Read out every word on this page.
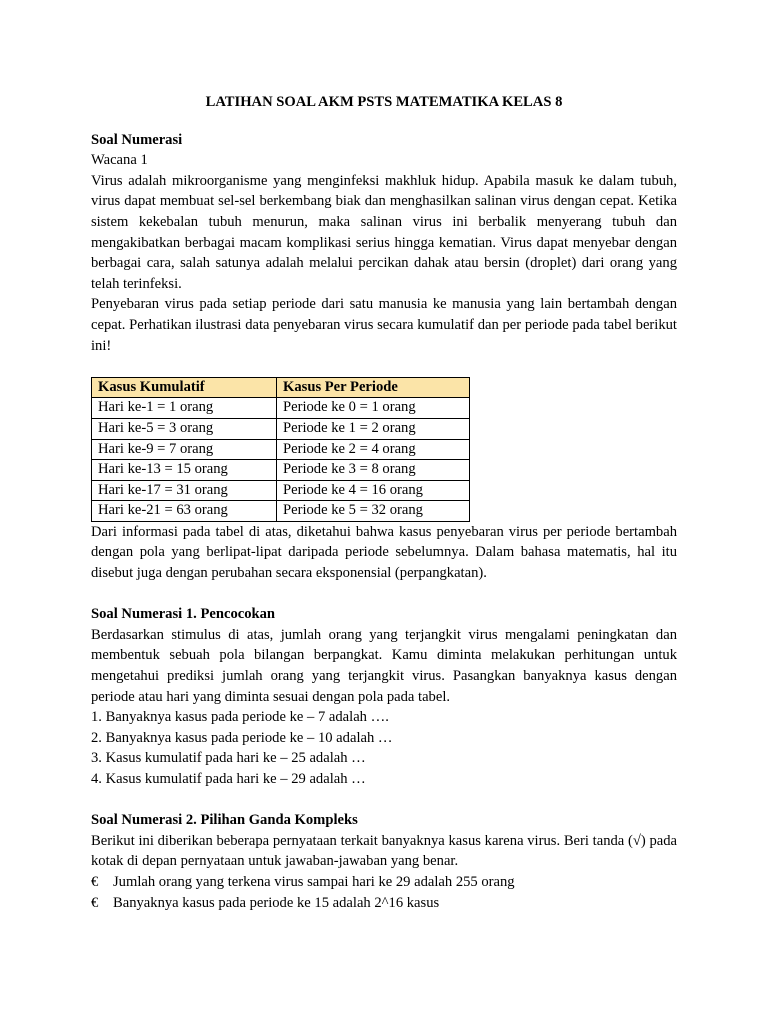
LATIHAN SOAL AKM PSTS MATEMATIKA KELAS 8

Soal Numerasi

Wacana 1

Virus adalah mikroorganisme yang menginfeksi makhluk hidup. Apabila masuk ke dalam tubuh, virus dapat membuat sel-sel berkembang biak dan menghasilkan salinan virus dengan cepat. Ketika sistem kekebalan tubuh menurun, maka salinan virus ini berbalik menyerang tubuh dan mengakibatkan berbagai macam komplikasi serius hingga kematian. Virus dapat menyebar dengan berbagai cara, salah satunya adalah melalui percikan dahak atau bersin (droplet) dari orang yang telah terinfeksi.

Penyebaran virus pada setiap periode dari satu manusia ke manusia yang lain bertambah dengan cepat. Perhatikan ilustrasi data penyebaran virus secara kumulatif dan per periode pada tabel berikut ini!

Kasus Kumulatif	Kasus Per Periode
Hari ke-1 = 1 orang	Periode ke 0 = 1 orang
Hari ke-5 = 3 orang	Periode ke 1 = 2 orang
Hari ke-9 = 7 orang	Periode ke 2 = 4 orang
Hari ke-13 = 15 orang	Periode ke 3 = 8 orang
Hari ke-17 = 31 orang	Periode ke 4 = 16 orang
Hari ke-21 = 63 orang	Periode ke 5 = 32 orang

Dari informasi pada tabel di atas, diketahui bahwa kasus penyebaran virus per periode bertambah dengan pola yang berlipat-lipat daripada periode sebelumnya. Dalam bahasa matematis, hal itu disebut juga dengan perubahan secara eksponensial (perpangkatan).

Soal Numerasi 1. Pencocokan

Berdasarkan stimulus di atas, jumlah orang yang terjangkit virus mengalami peningkatan dan membentuk sebuah pola bilangan berpangkat. Kamu diminta melakukan perhitungan untuk mengetahui prediksi jumlah orang yang terjangkit virus. Pasangkan banyaknya kasus dengan periode atau hari yang diminta sesuai dengan pola pada tabel.

1. Banyaknya kasus pada periode ke – 7 adalah ….

2. Banyaknya kasus pada periode ke – 10 adalah …

3. Kasus kumulatif pada hari ke – 25 adalah …

4. Kasus kumulatif pada hari ke – 29 adalah …

Soal Numerasi 2. Pilihan Ganda Kompleks

Berikut ini diberikan beberapa pernyataan terkait banyaknya kasus karena virus. Beri tanda (√) pada kotak di depan pernyataan untuk jawaban-jawaban yang benar.

€	Jumlah orang yang terkena virus sampai hari ke 29 adalah 255 orang
€	Banyaknya kasus pada periode ke 15 adalah 2^16 kasus
